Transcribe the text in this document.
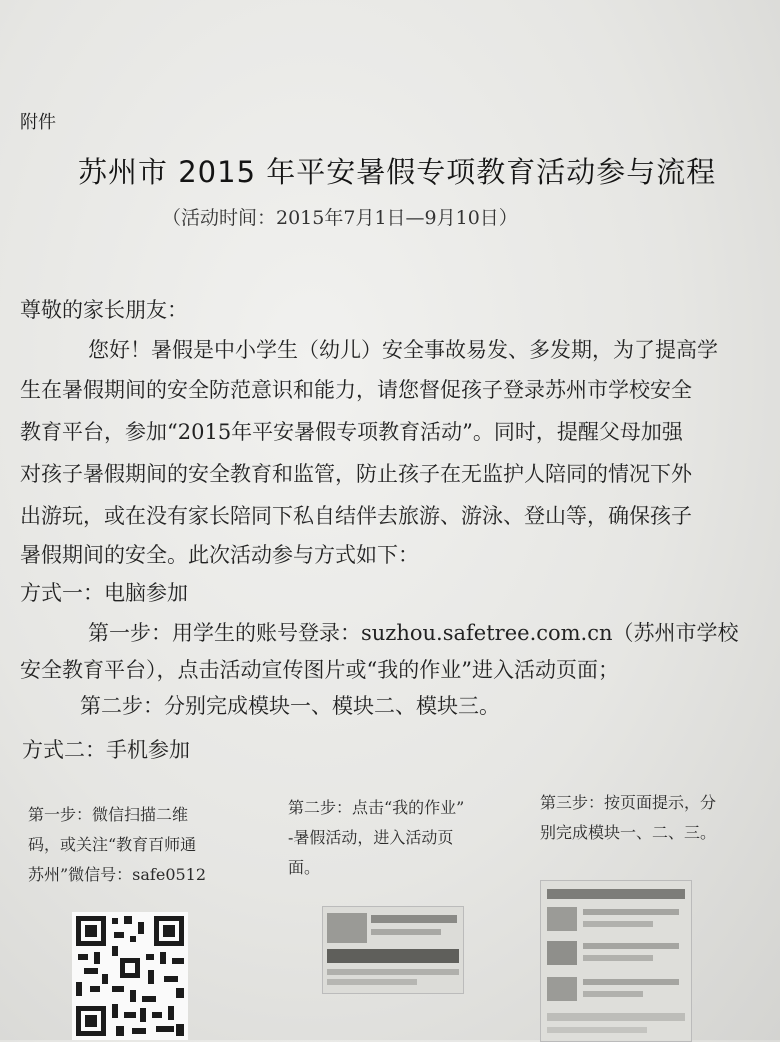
附件
苏州市 2015 年平安暑假专项教育活动参与流程
（活动时间：2015年7月1日—9月10日）
尊敬的家长朋友：
您好！暑假是中小学生（幼儿）安全事故易发、多发期，为了提高学
生在暑假期间的安全防范意识和能力，请您督促孩子登录苏州市学校安全
教育平台，参加“2015年平安暑假专项教育活动”。同时，提醒父母加强
对孩子暑假期间的安全教育和监管，防止孩子在无监护人陪同的情况下外
出游玩，或在没有家长陪同下私自结伴去旅游、游泳、登山等，确保孩子
暑假期间的安全。此次活动参与方式如下：
方式一：电脑参加
第一步：用学生的账号登录：suzhou.safetree.com.cn（苏州市学校
安全教育平台），点击活动宣传图片或“我的作业”进入活动页面；
第二步：分别完成模块一、模块二、模块三。
方式二：手机参加
第一步：微信扫描二维
码，或关注“教育百师通
苏州”微信号：safe0512
第二步：点击“我的作业”
-暑假活动，进入活动页
面。
第三步：按页面提示，分
别完成模块一、二、三。
